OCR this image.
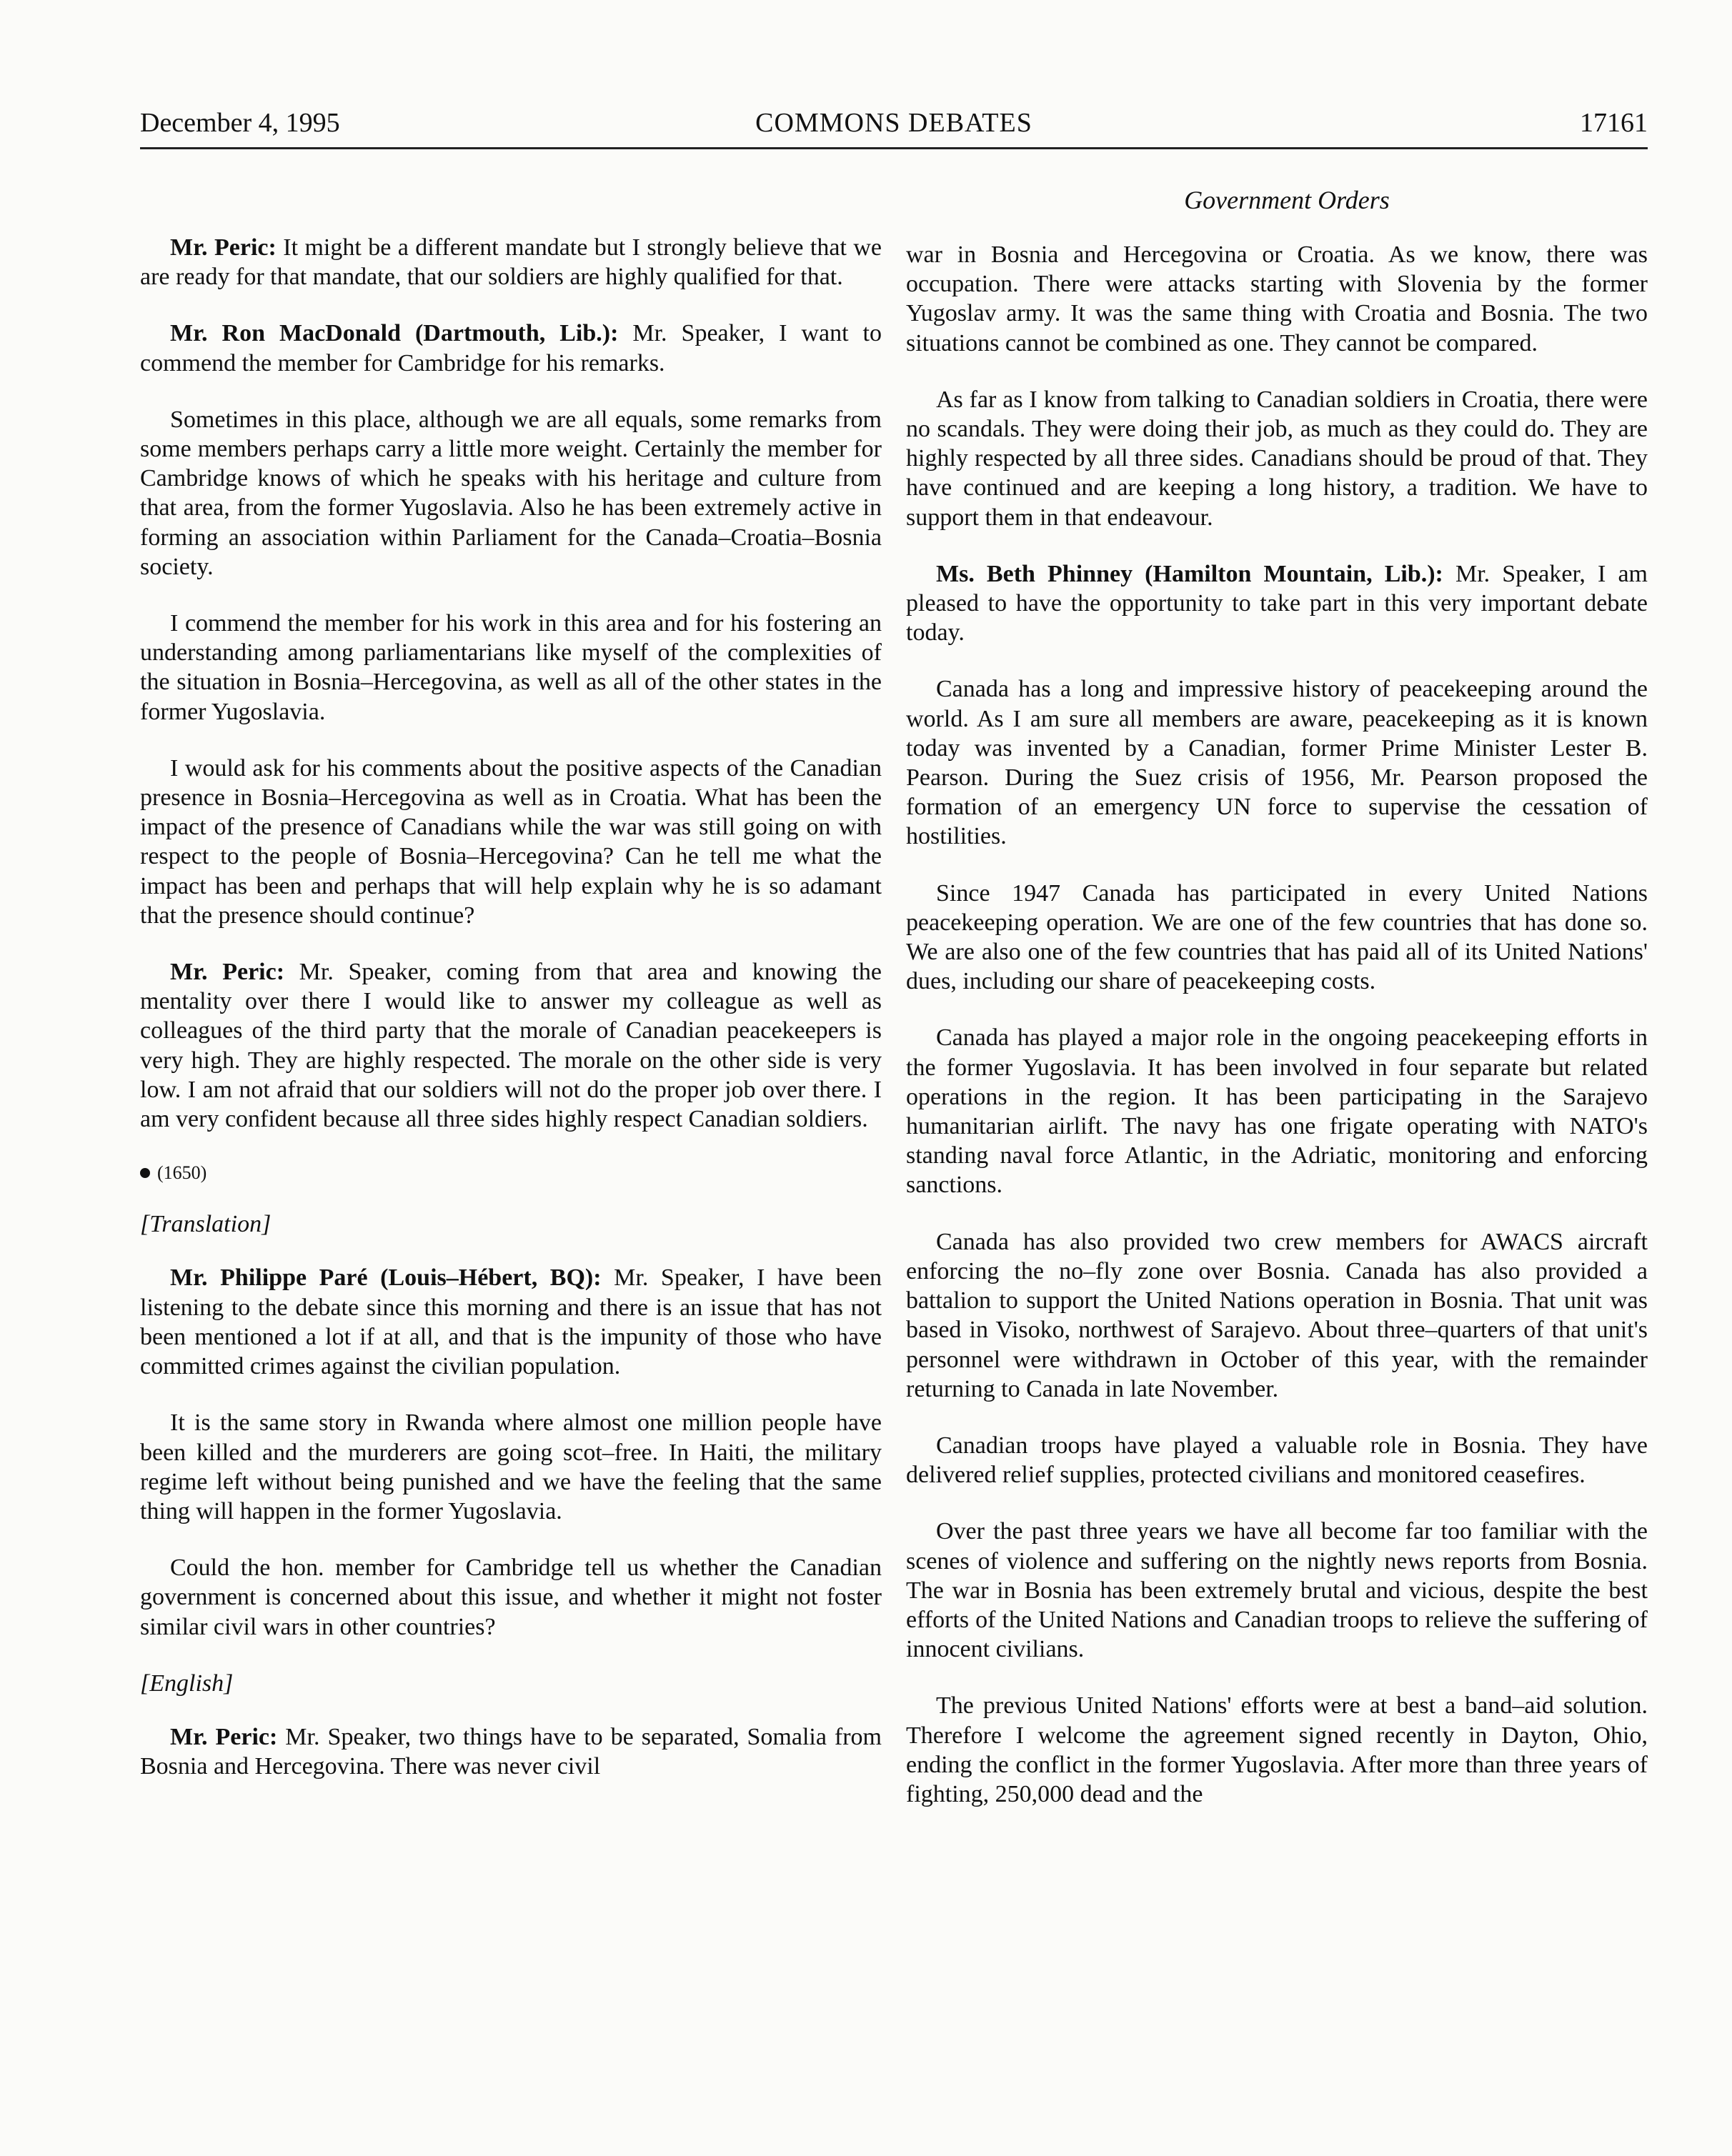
December 4, 1995	COMMONS DEBATES	17161
Government Orders

Mr. Peric: It might be a different mandate but I strongly believe that we are ready for that mandate, that our soldiers are highly qualified for that.

Mr. Ron MacDonald (Dartmouth, Lib.): Mr. Speaker, I want to commend the member for Cambridge for his remarks.

Sometimes in this place, although we are all equals, some remarks from some members perhaps carry a little more weight. Certainly the member for Cambridge knows of which he speaks with his heritage and culture from that area, from the former Yugoslavia. Also he has been extremely active in forming an association within Parliament for the Canada–Croatia–Bosnia society.

I commend the member for his work in this area and for his fostering an understanding among parliamentarians like myself of the complexities of the situation in Bosnia–Hercegovina, as well as all of the other states in the former Yugoslavia.

I would ask for his comments about the positive aspects of the Canadian presence in Bosnia–Hercegovina as well as in Croatia. What has been the impact of the presence of Canadians while the war was still going on with respect to the people of Bosnia–Hercegovina? Can he tell me what the impact has been and perhaps that will help explain why he is so adamant that the presence should continue?

Mr. Peric: Mr. Speaker, coming from that area and knowing the mentality over there I would like to answer my colleague as well as colleagues of the third party that the morale of Canadian peacekeepers is very high. They are highly respected. The morale on the other side is very low. I am not afraid that our soldiers will not do the proper job over there. I am very confident because all three sides highly respect Canadian soldiers.

(1650)
[Translation]

Mr. Philippe Paré (Louis–Hébert, BQ): Mr. Speaker, I have been listening to the debate since this morning and there is an issue that has not been mentioned a lot if at all, and that is the impunity of those who have committed crimes against the civilian population.

It is the same story in Rwanda where almost one million people have been killed and the murderers are going scot–free. In Haiti, the military regime left without being punished and we have the feeling that the same thing will happen in the former Yugoslavia.

Could the hon. member for Cambridge tell us whether the Canadian government is concerned about this issue, and whether it might not foster similar civil wars in other countries?

[English]

Mr. Peric: Mr. Speaker, two things have to be separated, Somalia from Bosnia and Hercegovina. There was never civil

war in Bosnia and Hercegovina or Croatia. As we know, there was occupation. There were attacks starting with Slovenia by the former Yugoslav army. It was the same thing with Croatia and Bosnia. The two situations cannot be combined as one. They cannot be compared.

As far as I know from talking to Canadian soldiers in Croatia, there were no scandals. They were doing their job, as much as they could do. They are highly respected by all three sides. Canadians should be proud of that. They have continued and are keeping a long history, a tradition. We have to support them in that endeavour.

Ms. Beth Phinney (Hamilton Mountain, Lib.): Mr. Speaker, I am pleased to have the opportunity to take part in this very important debate today.

Canada has a long and impressive history of peacekeeping around the world. As I am sure all members are aware, peacekeeping as it is known today was invented by a Canadian, former Prime Minister Lester B. Pearson. During the Suez crisis of 1956, Mr. Pearson proposed the formation of an emergency UN force to supervise the cessation of hostilities.

Since 1947 Canada has participated in every United Nations peacekeeping operation. We are one of the few countries that has done so. We are also one of the few countries that has paid all of its United Nations' dues, including our share of peacekeeping costs.

Canada has played a major role in the ongoing peacekeeping efforts in the former Yugoslavia. It has been involved in four separate but related operations in the region. It has been participating in the Sarajevo humanitarian airlift. The navy has one frigate operating with NATO's standing naval force Atlantic, in the Adriatic, monitoring and enforcing sanctions.

Canada has also provided two crew members for AWACS aircraft enforcing the no–fly zone over Bosnia. Canada has also provided a battalion to support the United Nations operation in Bosnia. That unit was based in Visoko, northwest of Sarajevo. About three–quarters of that unit's personnel were withdrawn in October of this year, with the remainder returning to Canada in late November.

Canadian troops have played a valuable role in Bosnia. They have delivered relief supplies, protected civilians and monitored ceasefires.

Over the past three years we have all become far too familiar with the scenes of violence and suffering on the nightly news reports from Bosnia. The war in Bosnia has been extremely brutal and vicious, despite the best efforts of the United Nations and Canadian troops to relieve the suffering of innocent civilians.

The previous United Nations' efforts were at best a band–aid solution. Therefore I welcome the agreement signed recently in Dayton, Ohio, ending the conflict in the former Yugoslavia. After more than three years of fighting, 250,000 dead and the
